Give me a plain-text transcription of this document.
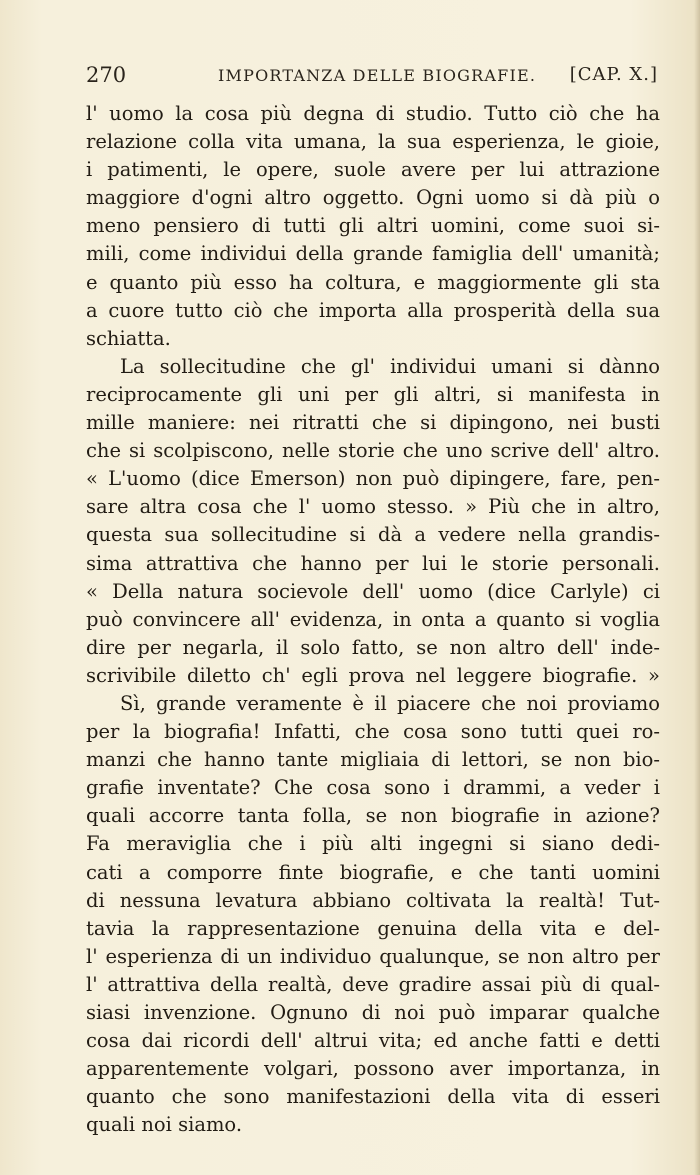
270	IMPORTANZA DELLE BIOGRAFIE. [CAP. X.]
l' uomo la cosa più degna di studio. Tutto ciò che ha
relazione colla vita umana, la sua esperienza, le gioie,
i patimenti, le opere, suole avere per lui attrazione
maggiore d'ogni altro oggetto. Ogni uomo si dà più o
meno pensiero di tutti gli altri uomini, come suoi si-
mili, come individui della grande famiglia dell' umanità;
e quanto più esso ha coltura, e maggiormente gli sta
a cuore tutto ciò che importa alla prosperità della sua
schiatta.
La sollecitudine che gl' individui umani si dànno
reciprocamente gli uni per gli altri, si manifesta in
mille maniere: nei ritratti che si dipingono, nei busti
che si scolpiscono, nelle storie che uno scrive dell' altro.
« L'uomo (dice Emerson) non può dipingere, fare, pen-
sare altra cosa che l' uomo stesso. » Più che in altro,
questa sua sollecitudine si dà a vedere nella grandis-
sima attrattiva che hanno per lui le storie personali.
« Della natura socievole dell' uomo (dice Carlyle) ci
può convincere all' evidenza, in onta a quanto si voglia
dire per negarla, il solo fatto, se non altro dell' inde-
scrivibile diletto ch' egli prova nel leggere biografie. »
Sì, grande veramente è il piacere che noi proviamo
per la biografia! Infatti, che cosa sono tutti quei ro-
manzi che hanno tante migliaia di lettori, se non bio-
grafie inventate? Che cosa sono i drammi, a veder i
quali accorre tanta folla, se non biografie in azione?
Fa meraviglia che i più alti ingegni si siano dedi-
cati a comporre finte biografie, e che tanti uomini
di nessuna levatura abbiano coltivata la realtà! Tut-
tavia la rappresentazione genuina della vita e del-
l' esperienza di un individuo qualunque, se non altro per
l' attrattiva della realtà, deve gradire assai più di qual-
siasi invenzione. Ognuno di noi può imparar qualche
cosa dai ricordi dell' altrui vita; ed anche fatti e detti
apparentemente volgari, possono aver importanza, in
quanto che sono manifestazioni della vita di esseri
quali noi siamo.
